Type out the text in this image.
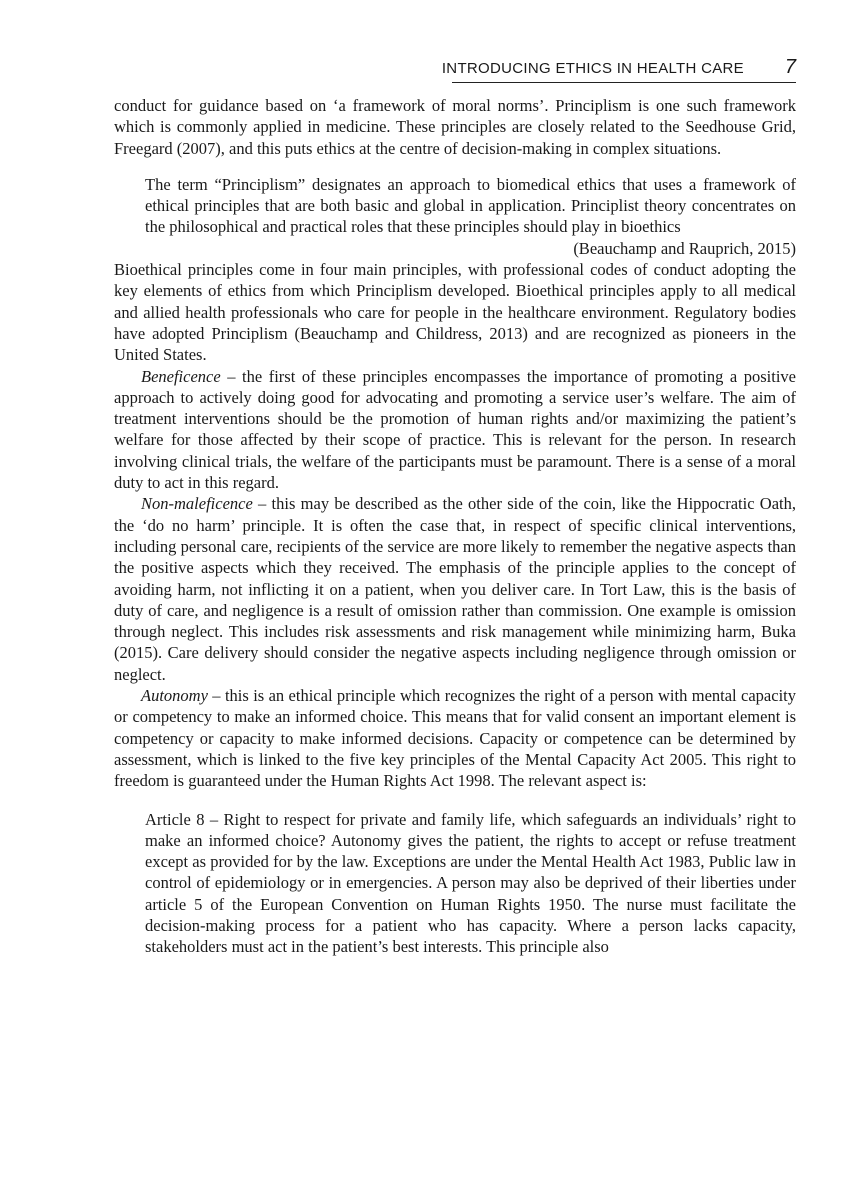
INTRODUCING ETHICS IN HEALTH CARE 7

conduct for guidance based on ‘a framework of moral norms’. Principlism is one such framework which is commonly applied in medicine. These principles are closely related to the Seedhouse Grid, Freegard (2007), and this puts ethics at the centre of decision-making in complex situations.

The term “Principlism” designates an approach to biomedical ethics that uses a framework of ethical principles that are both basic and global in application. Principlist theory concentrates on the philosophical and practical roles that these principles should play in bioethics

(Beauchamp and Rauprich, 2015)

Bioethical principles come in four main principles, with professional codes of conduct adopting the key elements of ethics from which Principlism developed. Bioethical principles apply to all medical and allied health professionals who care for people in the healthcare environment. Regulatory bodies have adopted Principlism (Beauchamp and Childress, 2013) and are recognized as pioneers in the United States.

Beneficence – the first of these principles encompasses the importance of promoting a positive approach to actively doing good for advocating and promoting a service user’s welfare. The aim of treatment interventions should be the promotion of human rights and/or maximizing the patient’s welfare for those affected by their scope of practice. This is relevant for the person. In research involving clinical trials, the welfare of the participants must be paramount. There is a sense of a moral duty to act in this regard.

Non-maleficence – this may be described as the other side of the coin, like the Hippocratic Oath, the ‘do no harm’ principle. It is often the case that, in respect of specific clinical interventions, including personal care, recipients of the service are more likely to remember the negative aspects than the positive aspects which they received. The emphasis of the principle applies to the concept of avoiding harm, not inflicting it on a patient, when you deliver care. In Tort Law, this is the basis of duty of care, and negligence is a result of omission rather than commission. One example is omission through neglect. This includes risk assessments and risk management while minimizing harm, Buka (2015). Care delivery should consider the negative aspects including negligence through omission or neglect.

Autonomy – this is an ethical principle which recognizes the right of a person with mental capacity or competency to make an informed choice. This means that for valid consent an important element is competency or capacity to make informed decisions. Capacity or competence can be determined by assessment, which is linked to the five key principles of the Mental Capacity Act 2005. This right to freedom is guaranteed under the Human Rights Act 1998. The relevant aspect is:

Article 8 – Right to respect for private and family life, which safeguards an individuals’ right to make an informed choice? Autonomy gives the patient, the rights to accept or refuse treatment except as provided for by the law. Exceptions are under the Mental Health Act 1983, Public law in control of epidemiology or in emergencies. A person may also be deprived of their liberties under article 5 of the European Convention on Human Rights 1950. The nurse must facilitate the decision-making process for a patient who has capacity. Where a person lacks capacity, stakeholders must act in the patient’s best interests. This principle also
